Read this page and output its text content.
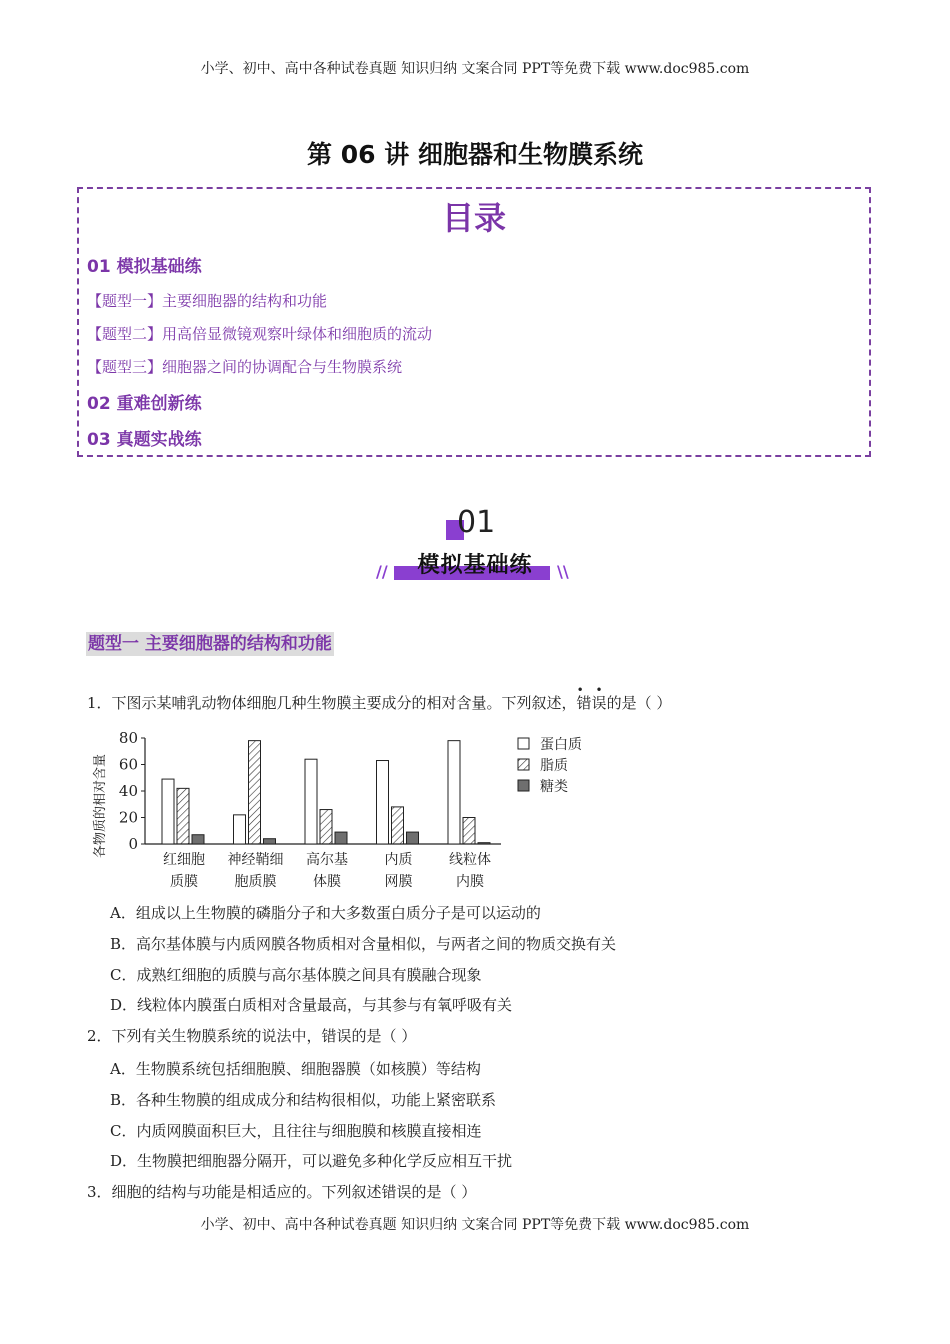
小学、初中、高中各种试卷真题 知识归纳 文案合同 PPT等免费下载 www.doc985.com
第 06 讲 细胞器和生物膜系统
目录
01 模拟基础练
【题型一】主要细胞器的结构和功能
【题型二】用高倍显微镜观察叶绿体和细胞质的流动
【题型三】细胞器之间的协调配合与生物膜系统
02 重难创新练
03 真题实战练
01
模拟基础练
//	\\
题型一 主要细胞器的结构和功能
1．下图示某哺乳动物体细胞几种生物膜主要成分的相对含量。下列叙述，
• •
错误的是（ ）
各物质的相对含量
80
60
40
20
0
红细胞
质膜
神经鞘细
胞质膜
高尔基
体膜
内质
网膜
线粒体
内膜
蛋白质
脂质
糖类
A．组成以上生物膜的磷脂分子和大多数蛋白质分子是可以运动的
B．高尔基体膜与内质网膜各物质相对含量相似，与两者之间的物质交换有关
C．成熟红细胞的质膜与高尔基体膜之间具有膜融合现象
D．线粒体内膜蛋白质相对含量最高，与其参与有氧呼吸有关
2．下列有关生物膜系统的说法中，错误的是（ ）
A．生物膜系统包括细胞膜、细胞器膜（如核膜）等结构
B．各种生物膜的组成成分和结构很相似，功能上紧密联系
C．内质网膜面积巨大，且往往与细胞膜和核膜直接相连
D．生物膜把细胞器分隔开，可以避免多种化学反应相互干扰
3．细胞的结构与功能是相适应的。下列叙述错误的是（ ）
小学、初中、高中各种试卷真题 知识归纳 文案合同 PPT等免费下载 www.doc985.com
